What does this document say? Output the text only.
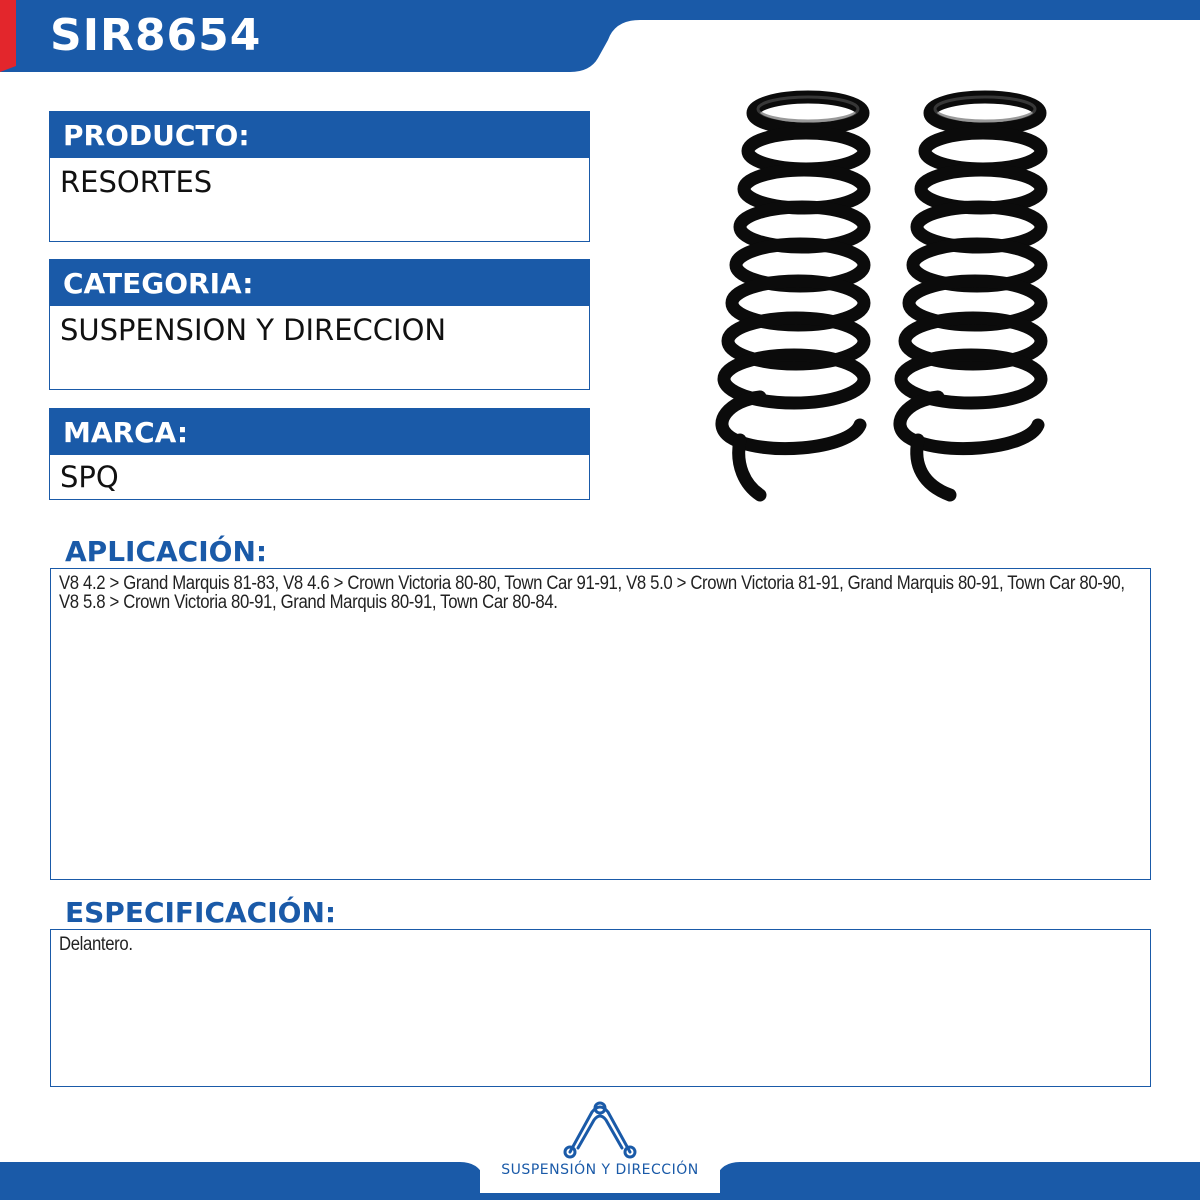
SIR8654
PRODUCTO:
RESORTES
CATEGORIA:
SUSPENSION Y DIRECCION
MARCA:
SPQ
APLICACIÓN:

V8 4.2 > Grand Marquis 81-83, V8 4.6 > Crown Victoria 80-80, Town Car 91-91, V8 5.0 > Crown Victoria 81-91, Grand Marquis 80-91, Town Car 80-90, V8 5.8 > Crown Victoria 80-91, Grand Marquis 80-91, Town Car 80-84.

ESPECIFICACIÓN:

Delantero.

SUSPENSIÓN Y DIRECCIÓN
